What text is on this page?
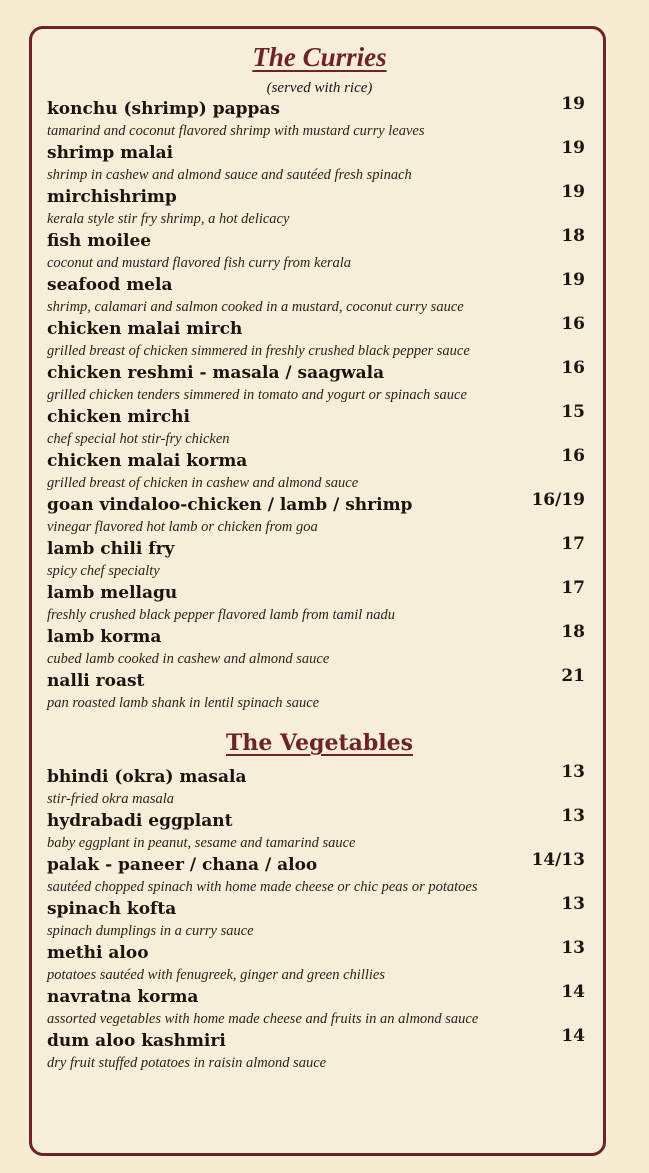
The Curries
(served with rice)
konchu (shrimp) pappas	19
tamarind and coconut flavored shrimp with mustard curry leaves
shrimp malai	19
shrimp in cashew and almond sauce and sautéed fresh spinach
mirchishrimp	19
kerala style stir fry shrimp, a hot delicacy
fish moilee	18
coconut and mustard flavored fish curry from kerala
seafood mela	19
shrimp, calamari and salmon cooked in a mustard, coconut curry sauce
chicken malai mirch	16
grilled breast of chicken simmered in freshly crushed black pepper sauce
chicken reshmi - masala / saagwala	16
grilled chicken tenders simmered in tomato and yogurt or spinach sauce
chicken mirchi	15
chef special hot stir-fry chicken
chicken malai korma	16
grilled breast of chicken in cashew and almond sauce
goan vindaloo-chicken / lamb / shrimp	16/19
vinegar flavored hot lamb or chicken from goa
lamb chili fry	17
spicy chef specialty
lamb mellagu	17
freshly crushed black pepper flavored lamb from tamil nadu
lamb korma	18
cubed lamb cooked in cashew and almond sauce
nalli roast	21
pan roasted lamb shank in lentil spinach sauce
The Vegetables
bhindi (okra) masala	13
stir-fried okra masala
hydrabadi eggplant	13
baby eggplant in peanut, sesame and tamarind sauce
palak - paneer / chana / aloo	14/13
sautéed chopped spinach with home made cheese or chic peas or potatoes
spinach kofta	13
spinach dumplings in a curry sauce
methi aloo	13
potatoes sautéed with fenugreek, ginger and green chillies
navratna korma	14
assorted vegetables with home made cheese and fruits in an almond sauce
dum aloo kashmiri	14
dry fruit stuffed potatoes in raisin almond sauce
